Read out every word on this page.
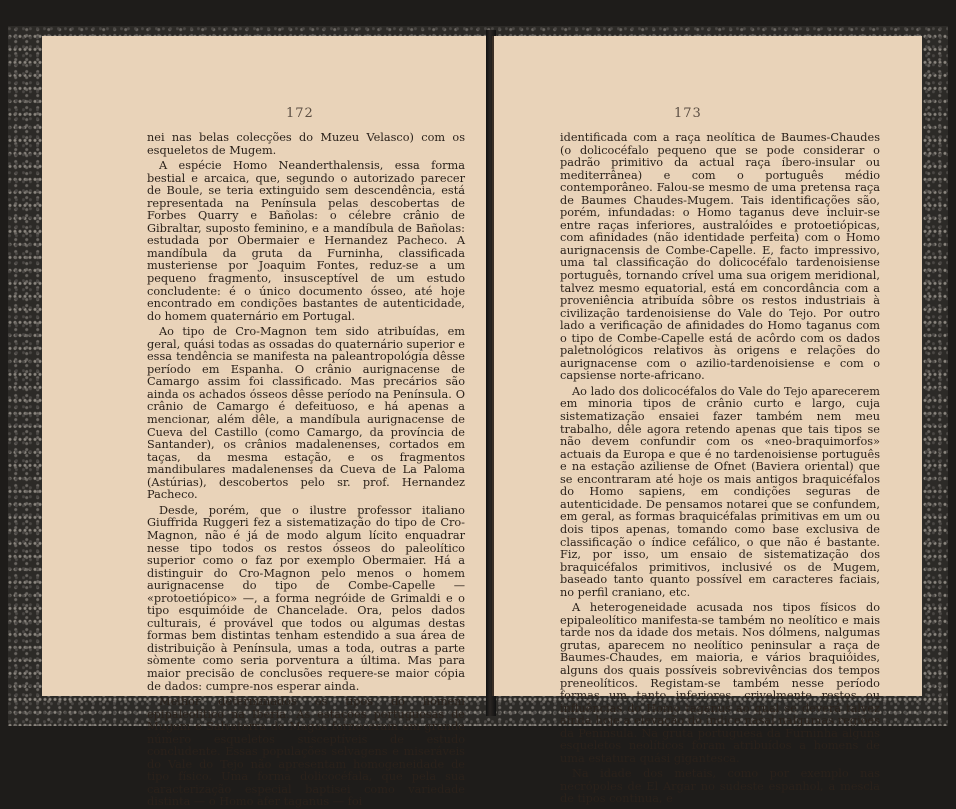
172

nei nas belas colecções do Muzeu Velasco) com os esqueletos de Mugem.

A espécie Homo Neanderthalensis, essa forma bestial e arcaica, que, segundo o autorizado parecer de Boule, se teria extinguido sem descendência, está representada na Península pelas descobertas de Forbes Quarry e Bañolas: o célebre crânio de Gibraltar, suposto feminino, e a mandíbula de Bañolas: estudada por Obermaier e Hernandez Pacheco. A mandíbula da gruta da Furninha, classificada musteriense por Joaquim Fontes, reduz-se a um pequeno fragmento, insusceptível de um estudo concludente: é o único documento ósseo, até hoje encontrado em condições bastantes de autenticidade, do homem quaternário em Portugal.

Ao tipo de Cro-Magnon tem sido atribuídas, em geral, quási todas as ossadas do quaternário superior e essa tendência se manifesta na paleantropológia dêsse período em Espanha. O crânio aurignacense de Camargo assim foi classificado. Mas precários são ainda os achados ósseos dêsse período na Península. O crânio de Camargo é defeituoso, e há apenas a mencionar, além dêle, a mandíbula aurignacense de Cueva del Castillo (como Camargo, da província de Santander), os crânios madalenenses, cortados em taças, da mesma estação, e os fragmentos mandibulares madalenenses da Cueva de La Paloma (Astúrias), descobertos pelo sr. prof. Hernandez Pacheco.

Desde, porém, que o ilustre professor italiano Giuffrida Ruggeri fez a sistematização do tipo de Cro-Magnon, não é já de modo algum lícito enquadrar nesse tipo todos os restos ósseos do paleolítico superior como o faz por exemplo Obermaier. Há a distinguir do Cro-Magnon pelo menos o homem aurignacense do tipo de Combe-Capelle — «protoetiópico» —, a forma negróide de Grimaldi e o tipo esquimóide de Chancelade. Ora, pelos dados culturais, é provável que todos ou algumas destas formas bem distintas tenham estendido a sua área de distribuição à Península, umas a toda, outras a parte sòmente como seria porventura a última. Mas para maior precisão de conclusões requere-se maior cópia de dados: cumpre-nos esperar ainda.

Melhor determinados os tipos do homem epipaleolítico na Ibéria. As estações portuguesas de Mugem e Salvaterra de Magos forneceram em grande número esqueletos susceptíveis de estudo concludente. Essas populações selvagens e miseráveis do Vale do Tejo não apresentam homogeneidade de tipo físico. Uma forma dolicocéfala, que pela sua caracterização especial baptisei como variedade distinta — o Homo afer taganus — foi

173

identificada com a raça neolítica de Baumes-Chaudes (o dolicocéfalo pequeno que se pode considerar o padrão primitivo da actual raça íbero-insular ou mediterrânea) e com o português médio contemporâneo. Falou-se mesmo de uma pretensa raça de Baumes Chaudes-Mugem. Tais identificações são, porém, infundadas: o Homo taganus deve incluir-se entre raças inferiores, australóides e protoetiópicas, com afinidades (não identidade perfeita) com o Homo aurignacensis de Combe-Capelle. E, facto impressivo, uma tal classificação do dolicocéfalo tardenoisiense português, tornando crível uma sua origem meridional, talvez mesmo equatorial, está em concordância com a proveniência atribuída sôbre os restos industriais à civilização tardenoisiense do Vale do Tejo. Por outro lado a verificação de afinidades do Homo taganus com o tipo de Combe-Capelle está de acôrdo com os dados paletnológicos relativos às origens e relações do aurignacense com o azilio-tardenoisiense e com o capsiense norte-africano.

Ao lado dos dolicocéfalos do Vale do Tejo aparecerem em minoria tipos de crânio curto e largo, cuja sistematização ensaiei fazer também nem meu trabalho, dêle agora retendo apenas que tais tipos se não devem confundir com os «neo-braquimorfos» actuais da Europa e que é no tardenoisiense português e na estação aziliense de Ofnet (Baviera oriental) que se encontraram até hoje os mais antigos braquicéfalos do Homo sapiens, em condições seguras de autenticidade. De pensamos notarei que se confundem, em geral, as formas braquicéfalas primitivas em um ou dois tipos apenas, tomando como base exclusiva de classificação o índice cefálico, o que não é bastante. Fiz, por isso, um ensaio de sistematização dos braquicéfalos primitivos, inclusivé os de Mugem, baseado tanto quanto possível em caracteres faciais, no perfil craniano, etc.

A heterogeneidade acusada nos tipos físicos do epipaleolítico manifesta-se também no neolítico e mais tarde nos da idade dos metais. Nos dólmens, nalgumas grutas, aparecem no neolítico peninsular a raça de Baumes-Chaudes, em maioria, e vários braquióides, alguns dos quais possíveis sobrevivências dos tempos preneolíticos. Registam-se também nesse período formas um tanto inferiores, crivelmente restos ou influências do Homo taganus ao qual se deverá talvez ainda hoje a elevação do índice nasal nalgumas regiões da Península. Na gruta portuguesa da Furninha alguns esqueletos neolíticos foram atribuídos a homens de uma estatura quási gigantesca.

Na idade dos metais, como por exemplo nas necrópoles de El Argar no sudeste espanhol, a mescla de tipos continua, e
